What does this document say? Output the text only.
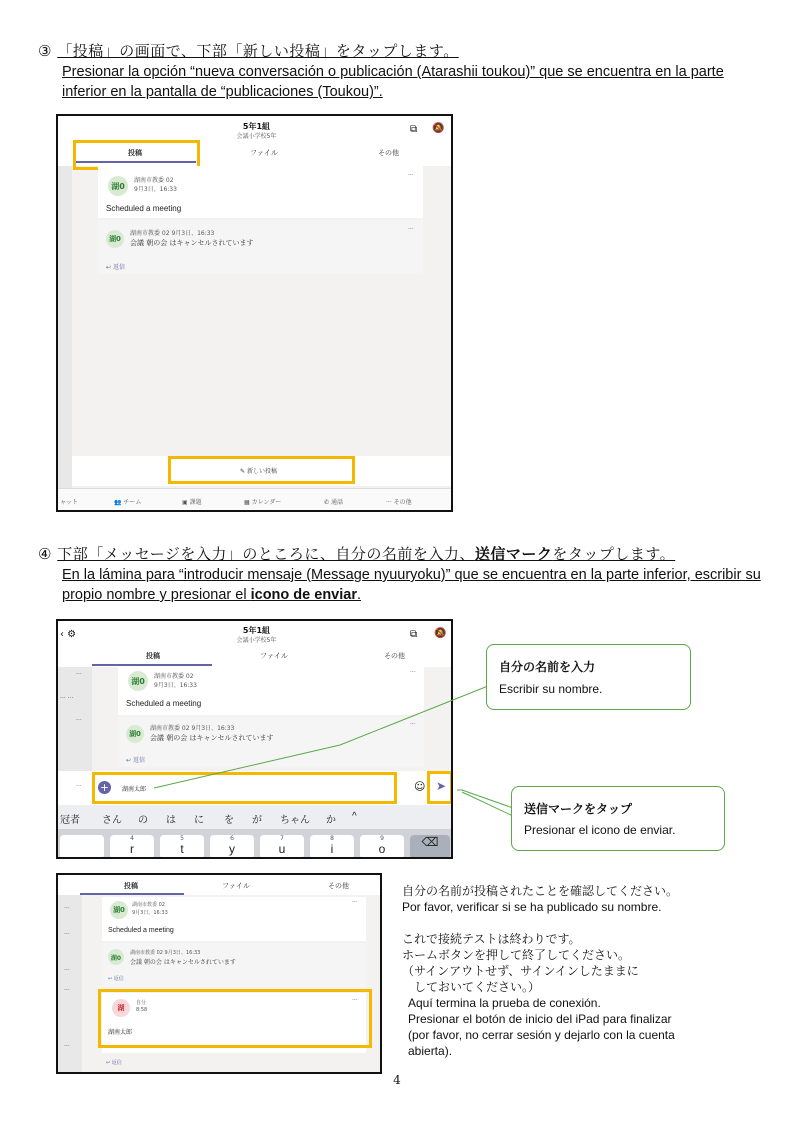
③ 「投稿」の画面で、下部「新しい投稿」をタップします。
Presionar la opción “nueva conversación o publicación (Atarashii toukou)” que se encuentra en la parte inferior en la pantalla de “publicaciones (Toukou)”.
5年1組
会議小学校5年
⧉ 🔕
投稿	ファイル	その他
湖0
湖南市教委 02
9月3日、16:33
Scheduled a meeting
···
湖0
湖南市教委 02 9月3日、16:33
会議 朝の会 はキャンセルされています
···
↩ 返信
✎ 新しい投稿
ャット	👥 チーム	▣ 課題	▦ カレンダー	✆ 通話	··· その他
④ 下部「メッセージを入力」のところに、自分の名前を入力、送信マークをタップします。
En la lámina para “introducir mensaje (Message nyuuryoku)” que se encuentra en la parte inferior, escribir su propio nombre y presionar el icono de enviar.
‹ ⚙	5年1組
会議小学校5年
⧉ 🔕
投稿	ファイル	その他
···
··· ···
···
湖0	湖南市教委 02
9月3日、16:33
Scheduled a meeting
···
湖0
湖南市教委 02 9月3日、16:33
会議 朝の会 はキャンセルされています
···
↩ 返信
··· +	湖南太郎	☺ ➤
冠者 さん の は に を が ちゃん か ^
4
r
5
t
6
y
7
u
8
i
9
o	⌫
自分の名前を入力
Escribir su nombre.
送信マークをタップ
Presionar el icono de enviar.
投稿	ファイル	その他
···
···
···
···
···
湖0
湖南市教委 02
9月3日、16:33
Scheduled a meeting
···
湖0
湖南市教委 02 9月3日、16:33
会議 朝の会 はキャンセルされています
↩ 返信
湖
自分
8:58
湖南太郎
···
↩ 返信
自分の名前が投稿されたことを確認してください。
Por favor, verificar si se ha publicado su nombre.
これで接続テストは終わりです。
ホームボタンを押して終了してください。
（サインアウトせず、サインインしたままに
しておいてください。）
Aquí termina la prueba de conexión.
Presionar el botón de inicio del iPad para finalizar
(por favor, no cerrar sesión y dejarlo con la cuenta
abierta).
4
